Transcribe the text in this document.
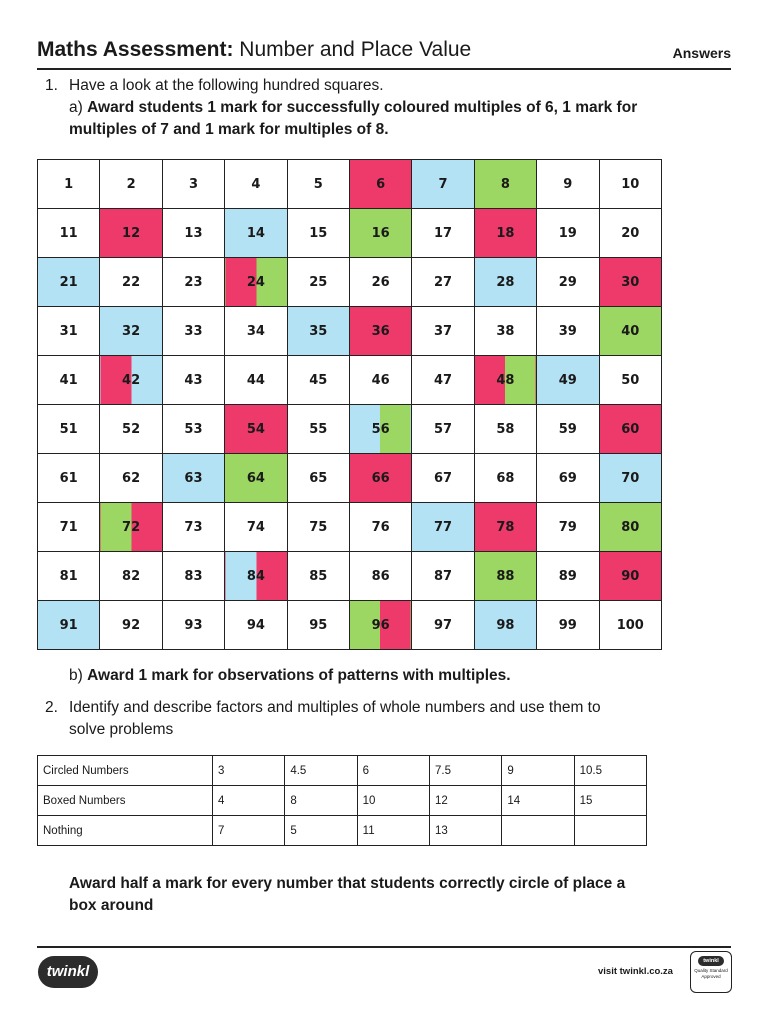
Maths Assessment: Number and Place Value	Answers
1. Have a look at the following hundred squares.
a) Award students 1 mark for successfully coloured multiples of 6, 1 mark for
multiples of 7 and 1 mark for multiples of 8.
1	2	3	4	5	6	7	8	9	10
11	12	13	14	15	16	17	18	19	20
21	22	23	24	25	26	27	28	29	30
31	32	33	34	35	36	37	38	39	40
41	42	43	44	45	46	47	48	49	50
51	52	53	54	55	56	57	58	59	60
61	62	63	64	65	66	67	68	69	70
71	72	73	74	75	76	77	78	79	80
81	82	83	84	85	86	87	88	89	90
91	92	93	94	95	96	97	98	99	100
b) Award 1 mark for observations of patterns with multiples.
2. Identify and describe factors and multiples of whole numbers and use them to
solve problems
Circled Numbers	3	4.5	6	7.5	9	10.5
Boxed Numbers	4	8	10	12	14	15
Nothing	7	5	11	13		
Award half a mark for every number that students correctly circle of place a
box around
twinkl	visit twinkl.co.za
twinkl
Quality Standard
Approved
